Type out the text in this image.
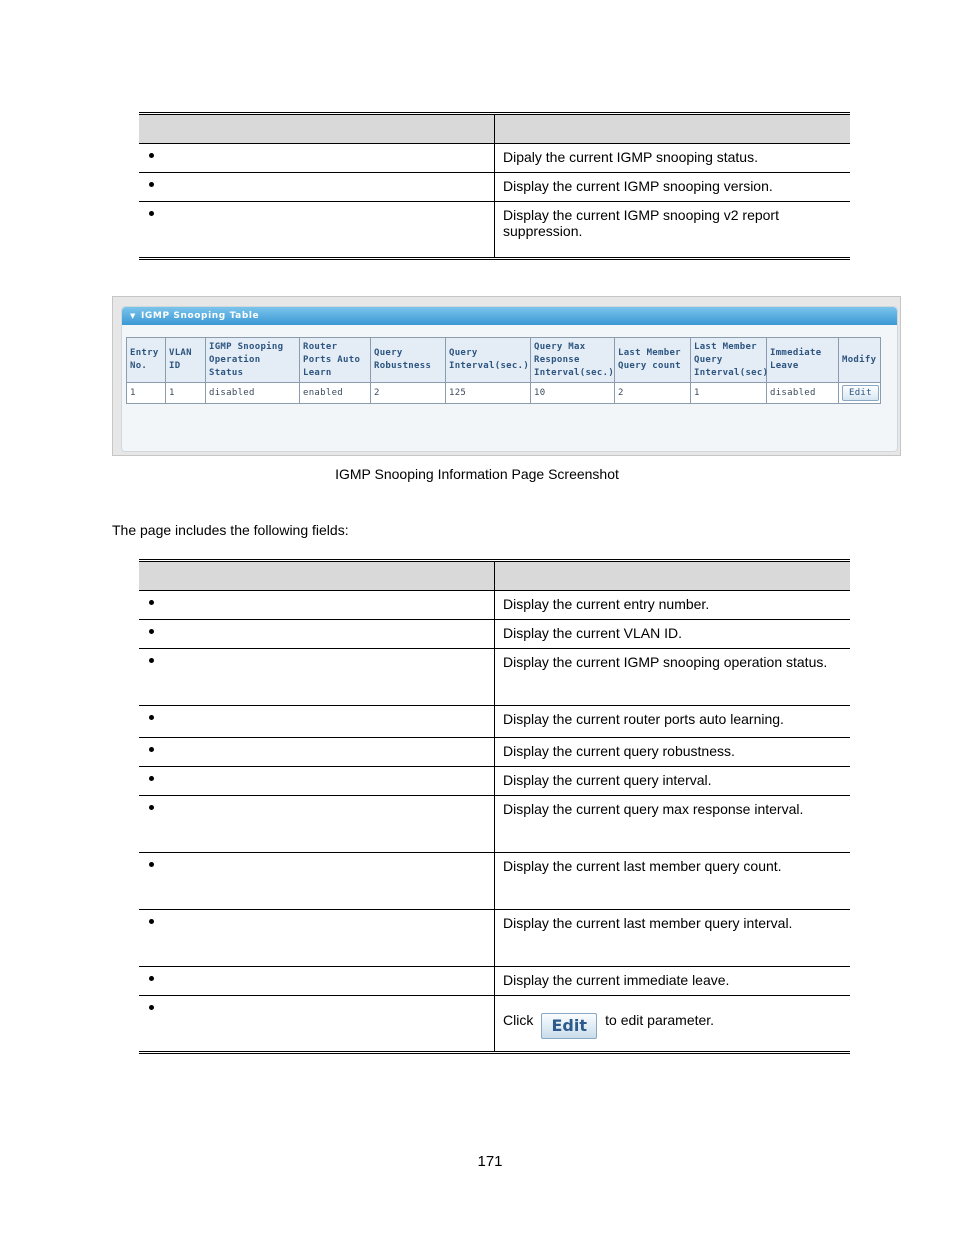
	Dipaly the current IGMP snooping status.
	Display the current IGMP snooping version.
	Display the current IGMP snooping v2 report suppression.
▼ IGMP Snooping Table
Entry No.	VLAN ID	IGMP Snooping Operation Status	Router Ports Auto Learn	Query Robustness	Query Interval(sec.)	Query Max Response Interval(sec.)	Last Member Query count	Last Member Query Interval(sec)	Immediate Leave	Modify
1	1	disabled	enabled	2	125	10	2	1	disabled	Edit
IGMP Snooping Information Page Screenshot
The page includes the following fields:

	Display the current entry number.
	Display the current VLAN ID.
	Display the current IGMP snooping operation status.
	Display the current router ports auto learning.
	Display the current query robustness.
	Display the current query interval.
	Display the current query max response interval.
	Display the current last member query count.
	Display the current last member query interval.
	Display the current immediate leave.
	Click Edit to edit parameter.
171
